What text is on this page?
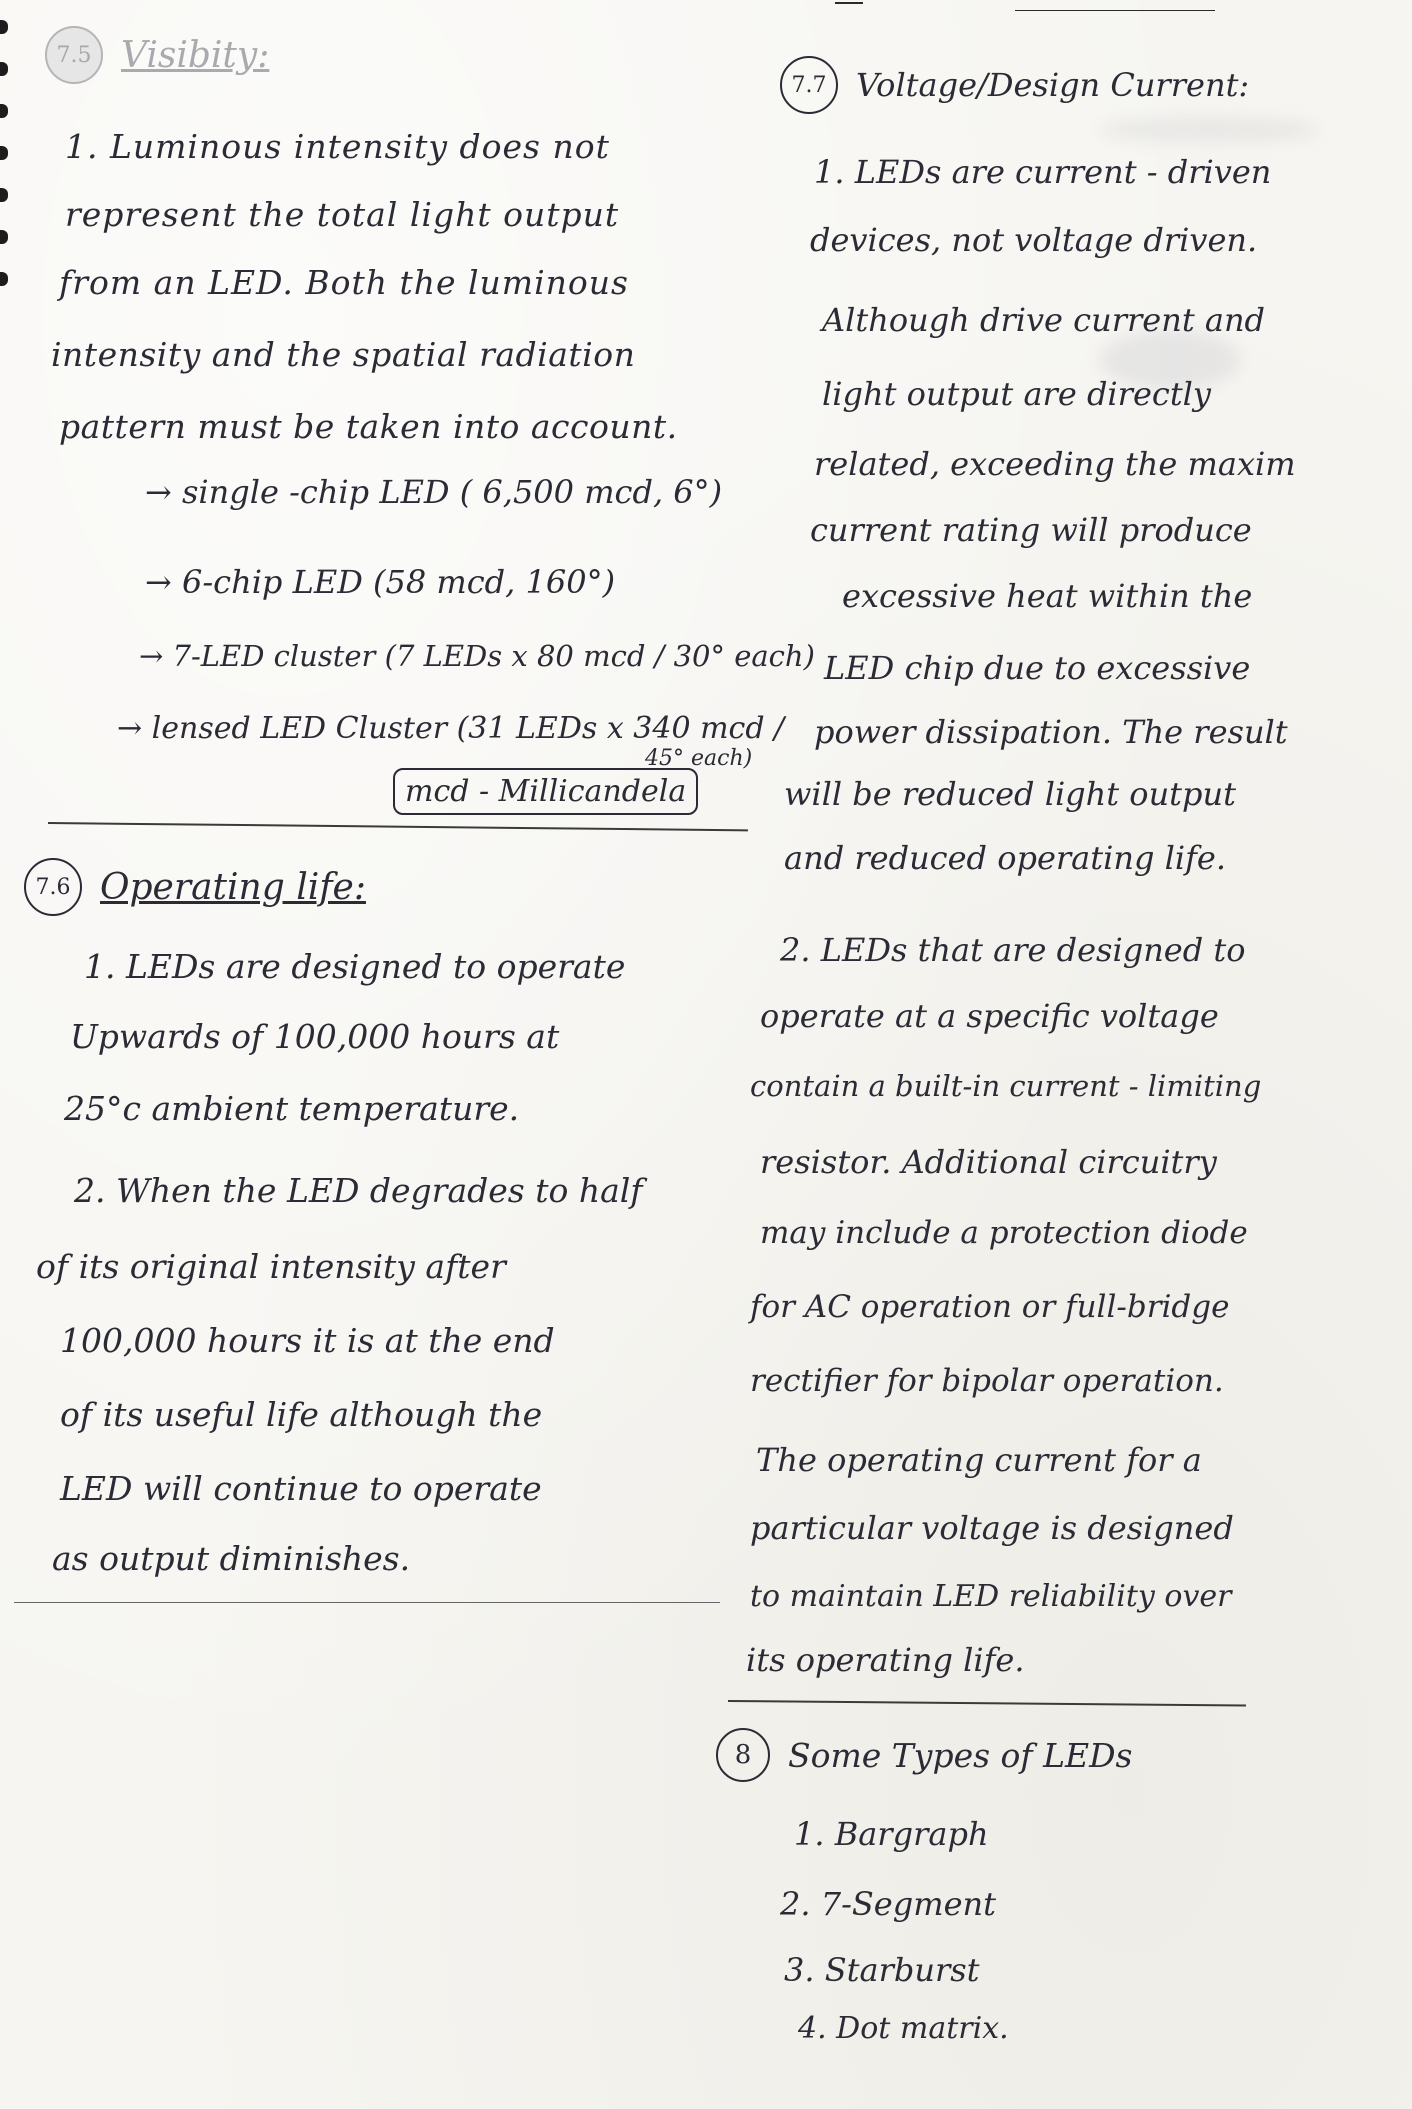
7.5 Visibity:
1. Luminous intensity does not
represent the total light output
from an LED. Both the luminous
intensity and the spatial radiation
pattern must be taken into account.
→ single -chip LED ( 6,500 mcd, 6°)
→ 6-chip LED (58 mcd, 160°)
→ 7-LED cluster (7 LEDs x 80 mcd / 30° each)
→ lensed LED Cluster (31 LEDs x 340 mcd /
45° each)
mcd - Millicandela
7.6 Operating life:
1. LEDs are designed to operate
Upwards of 100,000 hours at
25°c ambient temperature.
2. When the LED degrades to half
of its original intensity after
100,000 hours it is at the end
of its useful life although the
LED will continue to operate
as output diminishes.
7.7 Voltage/Design Current:
1. LEDs are current - driven
devices, not voltage driven.
Although drive current and
light output are directly
related, exceeding the maxim
current rating will produce
excessive heat within the
LED chip due to excessive
power dissipation. The result
will be reduced light output
and reduced operating life.
2. LEDs that are designed to
operate at a specific voltage
contain a built-in current - limiting
resistor. Additional circuitry
may include a protection diode
for AC operation or full-bridge
rectifier for bipolar operation.
The operating current for a
particular voltage is designed
to maintain LED reliability over
its operating life.
8	Some Types of LEDs
1. Bargraph
2. 7-Segment
3. Starburst
4. Dot matrix.
